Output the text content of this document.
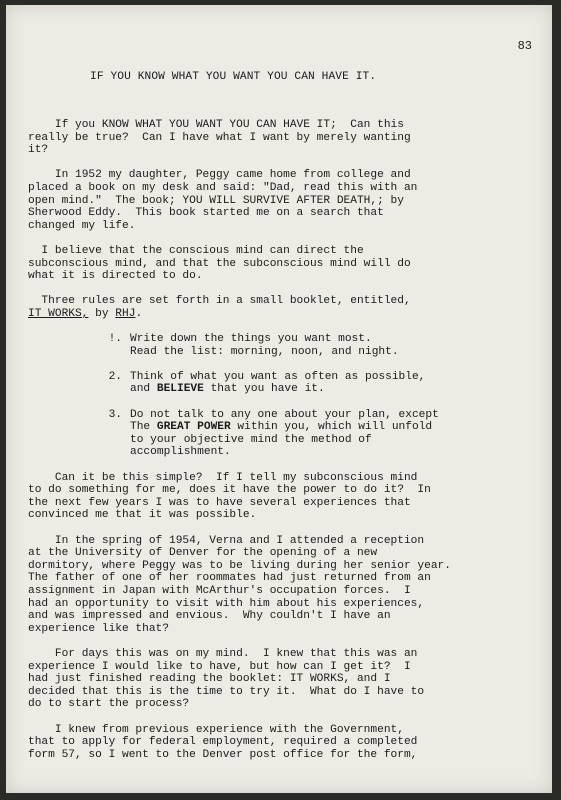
83
IF YOU KNOW WHAT YOU WANT YOU CAN HAVE IT.

If you KNOW WHAT YOU WANT YOU CAN HAVE IT;  Can this
really be true?  Can I have what I want by merely wanting
it?

In 1952 my daughter, Peggy came home from college and
placed a book on my desk and said: "Dad, read this with an
open mind."  The book; YOU WILL SURVIVE AFTER DEATH,; by
Sherwood Eddy.  This book started me on a search that
changed my life.

I believe that the conscious mind can direct the
subconscious mind, and that the subconscious mind will do
what it is directed to do.

Three rules are set forth in a small booklet, entitled,
IT WORKS, by RHJ.

!. Write down the things you want most.
Read the list: morning, noon, and night.
2. Think of what you want as often as possible,
and BELIEVE that you have it.
3. Do not talk to any one about your plan, except
The GREAT POWER within you, which will unfold
to your objective mind the method of
accomplishment.

Can it be this simple?  If I tell my subconscious mind
to do something for me, does it have the power to do it?  In
the next few years I was to have several experiences that
convinced me that it was possible.

In the spring of 1954, Verna and I attended a reception
at the University of Denver for the opening of a new
dormitory, where Peggy was to be living during her senior year.
The father of one of her roommates had just returned from an
assignment in Japan with McArthur's occupation forces.  I
had an opportunity to visit with him about his experiences,
and was impressed and envious.  Why couldn't I have an
experience like that?

For days this was on my mind.  I knew that this was an
experience I would like to have, but how can I get it?  I
had just finished reading the booklet: IT WORKS, and I
decided that this is the time to try it.  What do I have to
do to start the process?

I knew from previous experience with the Government,
that to apply for federal employment, required a completed
form 57, so I went to the Denver post office for the form,
